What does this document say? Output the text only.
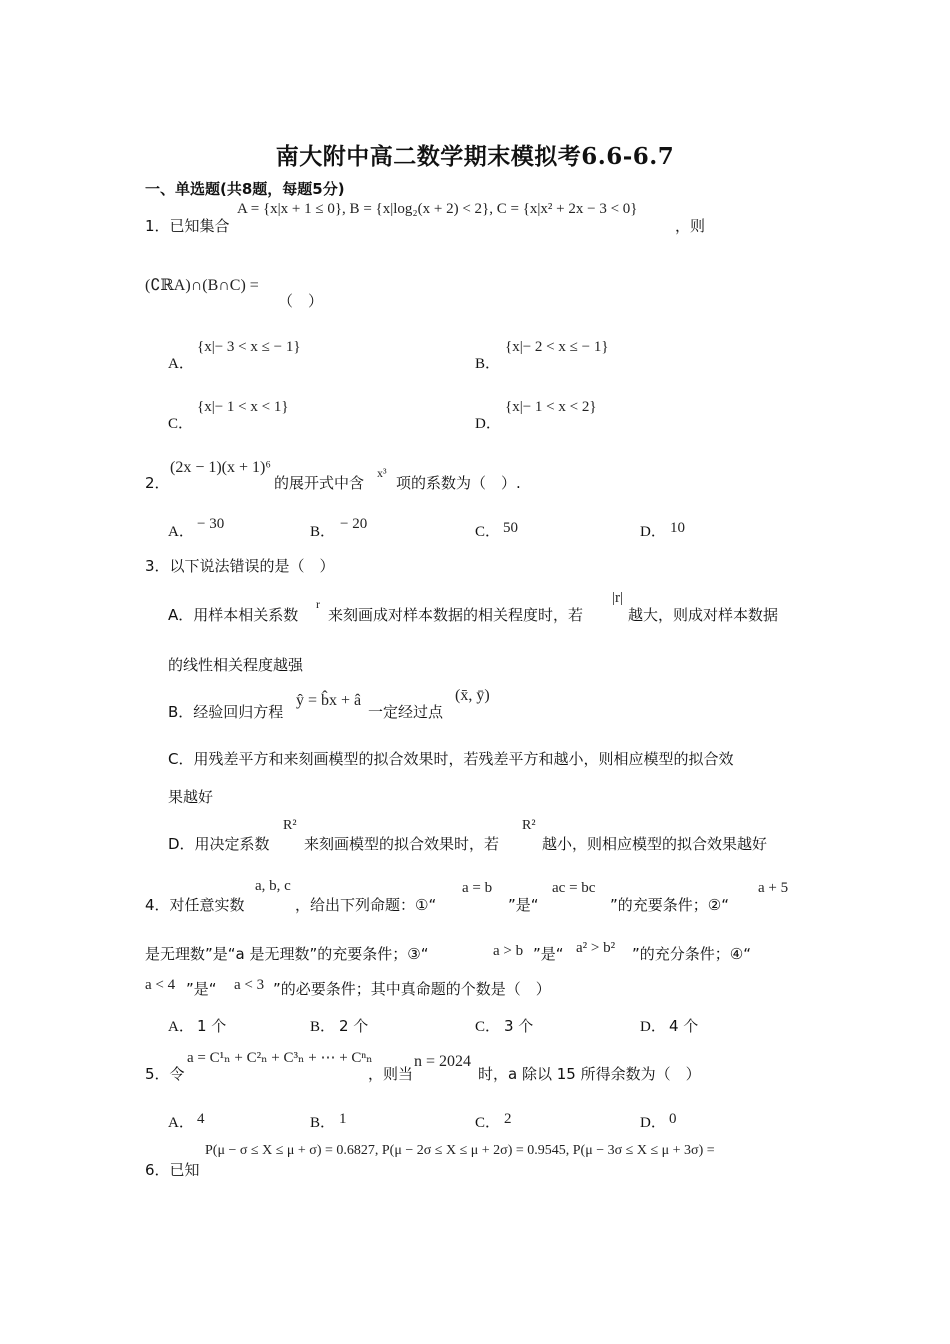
南大附中高二数学期末模拟考6.6-6.7
一、单选题(共8题，每题5分)
1．已知集合
A = {x|x + 1 ≤ 0}, B = {x|log₂(x + 2) < 2}, C = {x|x² + 2x − 3 < 0}
，则
(∁ℝA)∩(B∩C) =
（　）
A．
{x|− 3 < x ≤ − 1}
B．
{x|− 2 < x ≤ − 1}
C．
{x|− 1 < x < 1}
D．
{x|− 1 < x < 2}
2．
(2x − 1)(x + 1)⁶
的展开式中含
x³
项的系数为（　）.
A． − 30	B． − 20	C． 50	D． 10
3．以下说法错误的是（　）
A．用样本相关系数
r
来刻画成对样本数据的相关程度时，若
|r|
越大，则成对样本数据
的线性相关程度越强
B．经验回归方程
ŷ = b̂x + â
一定经过点
(x̄, ȳ)
C．用残差平方和来刻画模型的拟合效果时，若残差平方和越小，则相应模型的拟合效
果越好
D．用决定系数
R²
来刻画模型的拟合效果时，若
R²
越小，则相应模型的拟合效果越好
4．对任意实数
a, b, c
，给出下列命题：①“
a = b
”是“
ac = bc
”的充要条件；②“
a + 5
是无理数”是“a 是无理数”的充要条件；③“	a > b ”是“ a² > b² ”的充分条件；④“
a < 4 ”是“ a < 3 ”的必要条件；其中真命题的个数是（　）
A． 1 个	B． 2 个	C． 3 个	D． 4 个
5．令
a = C¹ₙ + C²ₙ + C³ₙ + ⋯ + Cⁿₙ
，则当
n = 2024
时，a 除以 15 所得余数为（　）
A． 4	B． 1	C． 2	D． 0
6．已知
P(μ − σ ≤ X ≤ μ + σ) = 0.6827, P(μ − 2σ ≤ X ≤ μ + 2σ) = 0.9545, P(μ − 3σ ≤ X ≤ μ + 3σ) =
